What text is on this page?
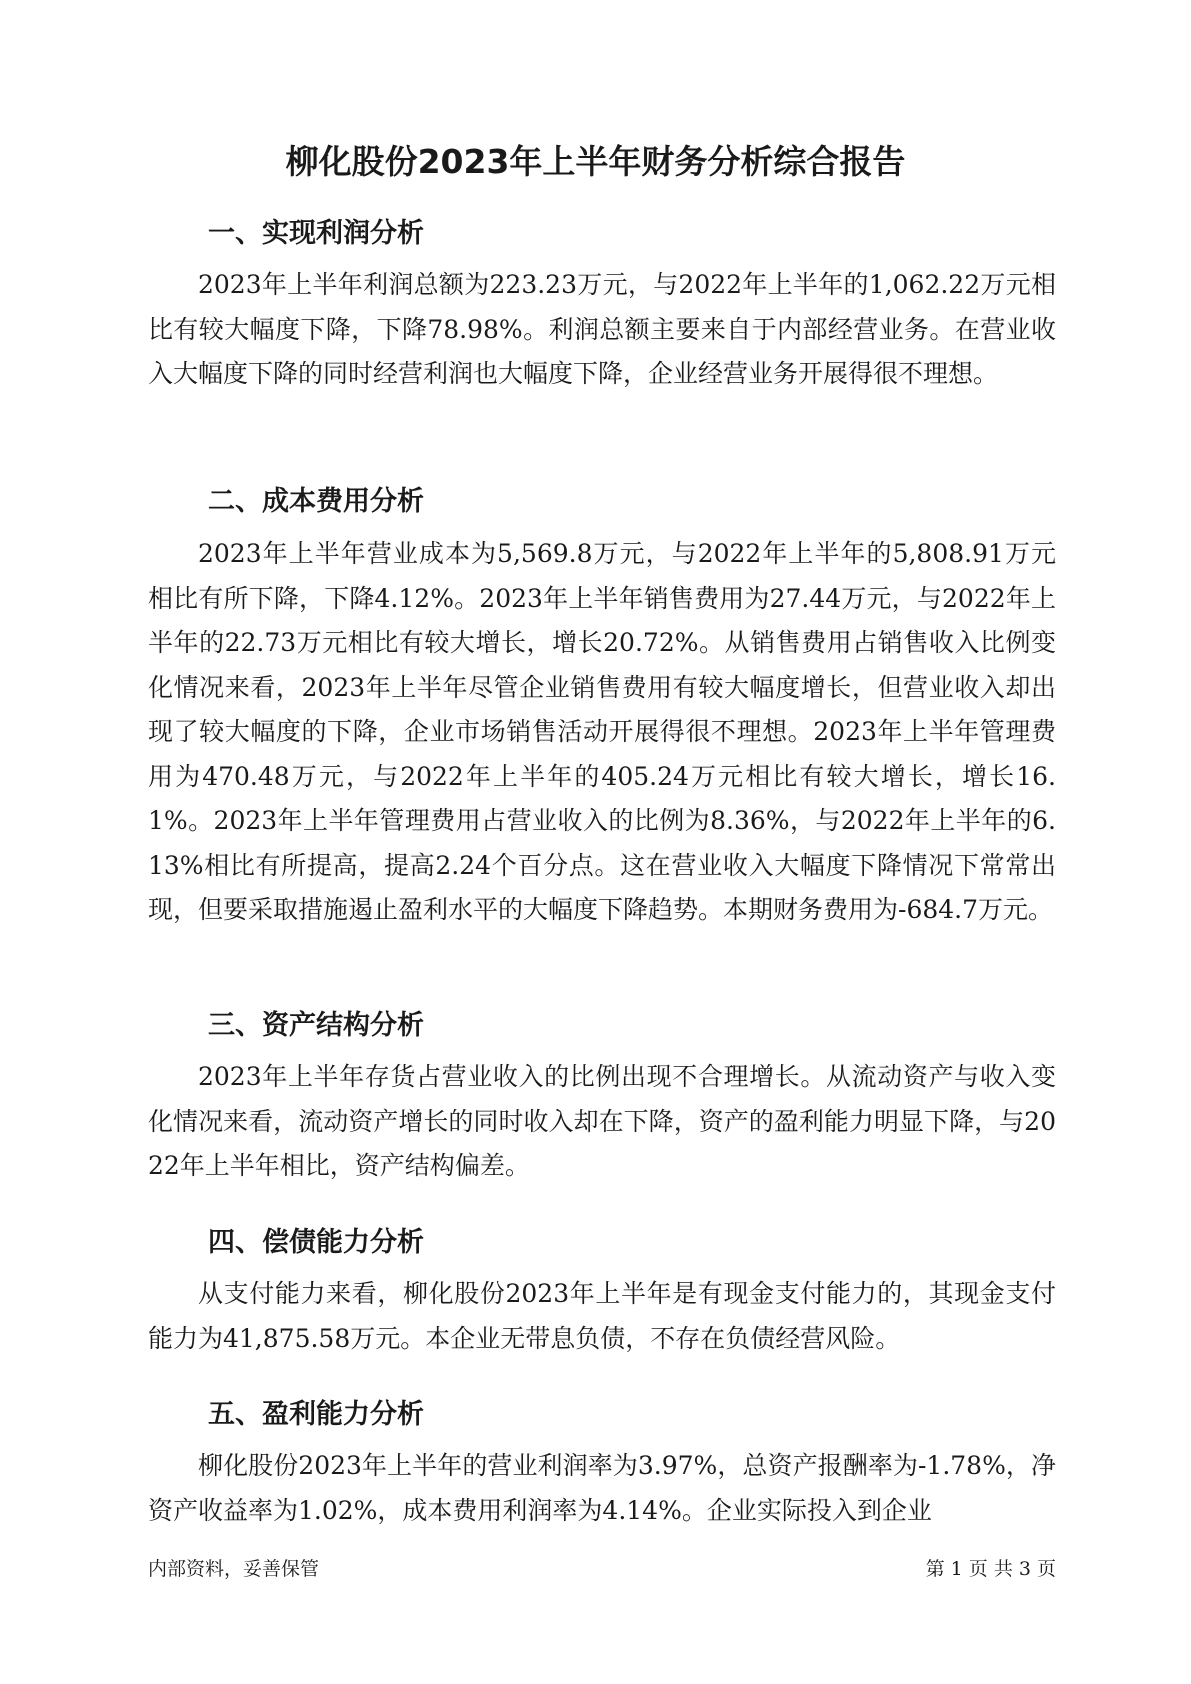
柳化股份2023年上半年财务分析综合报告
一、实现利润分析

2023年上半年利润总额为223.23万元，与2022年上半年的1,062.22万元相比有较大幅度下降，下降78.98%。利润总额主要来自于内部经营业务。在营业收入大幅度下降的同时经营利润也大幅度下降，企业经营业务开展得很不理想。

二、成本费用分析

2023年上半年营业成本为5,569.8万元，与2022年上半年的5,808.91万元相比有所下降，下降4.12%。2023年上半年销售费用为27.44万元，与2022年上半年的22.73万元相比有较大增长，增长20.72%。从销售费用占销售收入比例变化情况来看，2023年上半年尽管企业销售费用有较大幅度增长，但营业收入却出现了较大幅度的下降，企业市场销售活动开展得很不理想。2023年上半年管理费用为470.48万元，与2022年上半年的405.24万元相比有较大增长，增长16.1%。2023年上半年管理费用占营业收入的比例为8.36%，与2022年上半年的6.13%相比有所提高，提高2.24个百分点。这在营业收入大幅度下降情况下常常出现，但要采取措施遏止盈利水平的大幅度下降趋势。本期财务费用为-684.7万元。

三、资产结构分析

2023年上半年存货占营业收入的比例出现不合理增长。从流动资产与收入变化情况来看，流动资产增长的同时收入却在下降，资产的盈利能力明显下降，与2022年上半年相比，资产结构偏差。

四、偿债能力分析

从支付能力来看，柳化股份2023年上半年是有现金支付能力的，其现金支付能力为41,875.58万元。本企业无带息负债，不存在负债经营风险。

五、盈利能力分析

柳化股份2023年上半年的营业利润率为3.97%，总资产报酬率为-1.78%，净资产收益率为1.02%，成本费用利润率为4.14%。企业实际投入到企业

内部资料，妥善保管	第 1 页 共 3 页
